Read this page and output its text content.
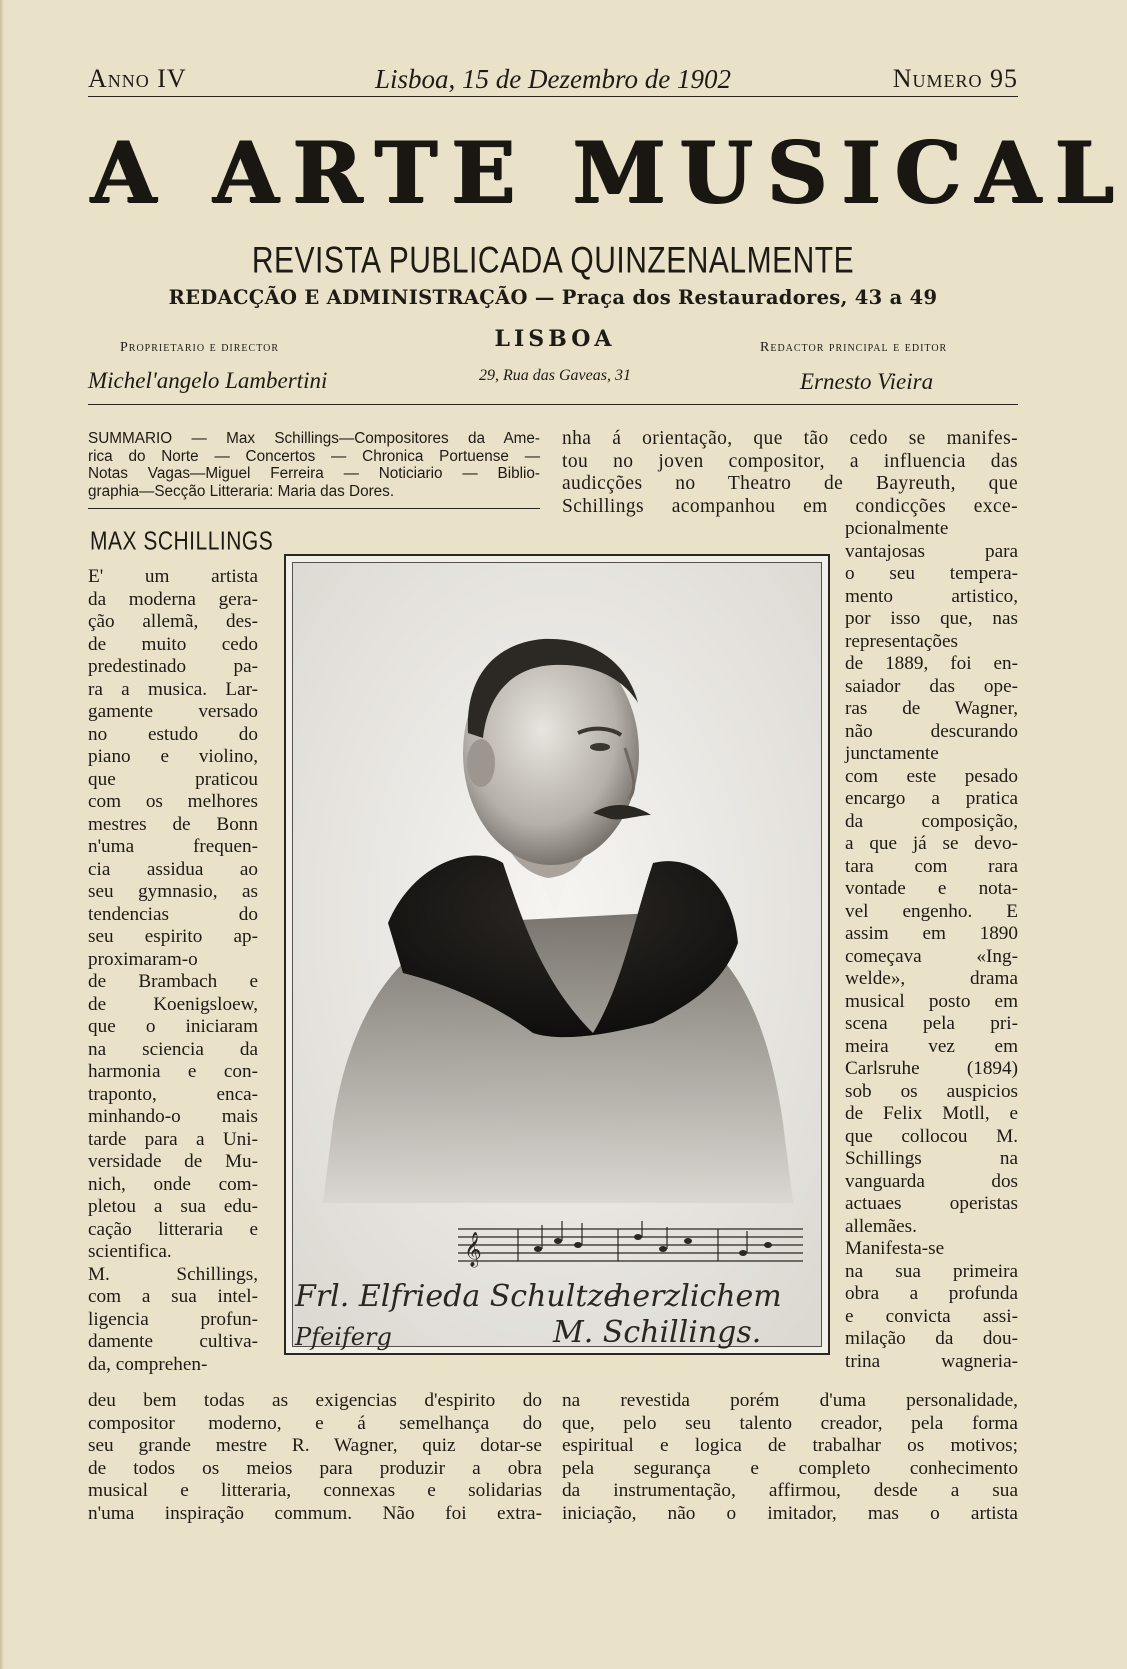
Anno IV	Lisboa, 15 de Dezembro de 1902	Numero 95
A ARTE MUSICAL
REVISTA PUBLICADA QUINZENALMENTE
REDACÇÃO E ADMINISTRAÇÃO — Praça dos Restauradores, 43 a 49
Proprietario e director	LISBOA	Redactor principal e editor
Michel'angelo Lambertini	29, Rua das Gaveas, 31	Ernesto Vieira
SUMMARIO — Max Schillings—Compositores da Ame-
rica do Norte — Concertos — Chronica Portuense —
Notas Vagas—Miguel Ferreira — Noticiario — Biblio-
graphia—Secção Litteraria: Maria das Dores.
MAX SCHILLINGS
E' um artista
da moderna gera-
ção allemã, des-
de muito cedo
predestinado pa-
ra a musica. Lar-
gamente versado
no estudo do
piano e violino,
que praticou
com os melhores
mestres de Bonn
n'uma frequen-
cia assidua ao
seu gymnasio, as
tendencias do
seu espirito ap-
proximaram-o
de Brambach e
de Koenigsloew,
que o iniciaram
na sciencia da
harmonia e con-
traponto, enca-
minhando-o mais
tarde para a Uni-
versidade de Mu-
nich, onde com-
pletou a sua edu-
cação litteraria e
scientifica.
M. Schillings,
com a sua intel-
ligencia profun-
damente cultiva-
da, comprehen-
nha á orientação, que tão cedo se manifes-
tou no joven compositor, a influencia das
audicções no Theatro de Bayreuth, que
Schillings acompanhou em condicções exce-
pcionalmente
vantajosas para
o seu tempera-
mento artistico,
por isso que, nas
representações
de 1889, foi en-
saiador das ope-
ras de Wagner,
não descurando
junctamente
com este pesado
encargo a pratica
da composição,
a que já se devo-
tara com rara
vontade e nota-
vel engenho. E
assim em 1890
começava «Ing-
welde», drama
musical posto em
scena pela pri-
meira vez em
Carlsruhe (1894)
sob os auspicios
de Felix Motll, e
que collocou M.
Schillings na
vanguarda dos
actuaes operistas
allemães.
Manifesta-se
na sua primeira
obra a profunda
e convicta assi-
milação da dou-
trina wagneria-
𝄞
Frl. Elfrieda Schultze
herzlichem
Pfeiferg	M. Schillings.
deu bem todas as exigencias d'espirito do
compositor moderno, e á semelhança do
seu grande mestre R. Wagner, quiz dotar-se
de todos os meios para produzir a obra
musical e litteraria, connexas e solidarias
n'uma inspiração commum. Não foi extra-
na revestida porém d'uma personalidade,
que, pelo seu talento creador, pela forma
espiritual e logica de trabalhar os motivos;
pela segurança e completo conhecimento
da instrumentação, affirmou, desde a sua
iniciação, não o imitador, mas o artista
